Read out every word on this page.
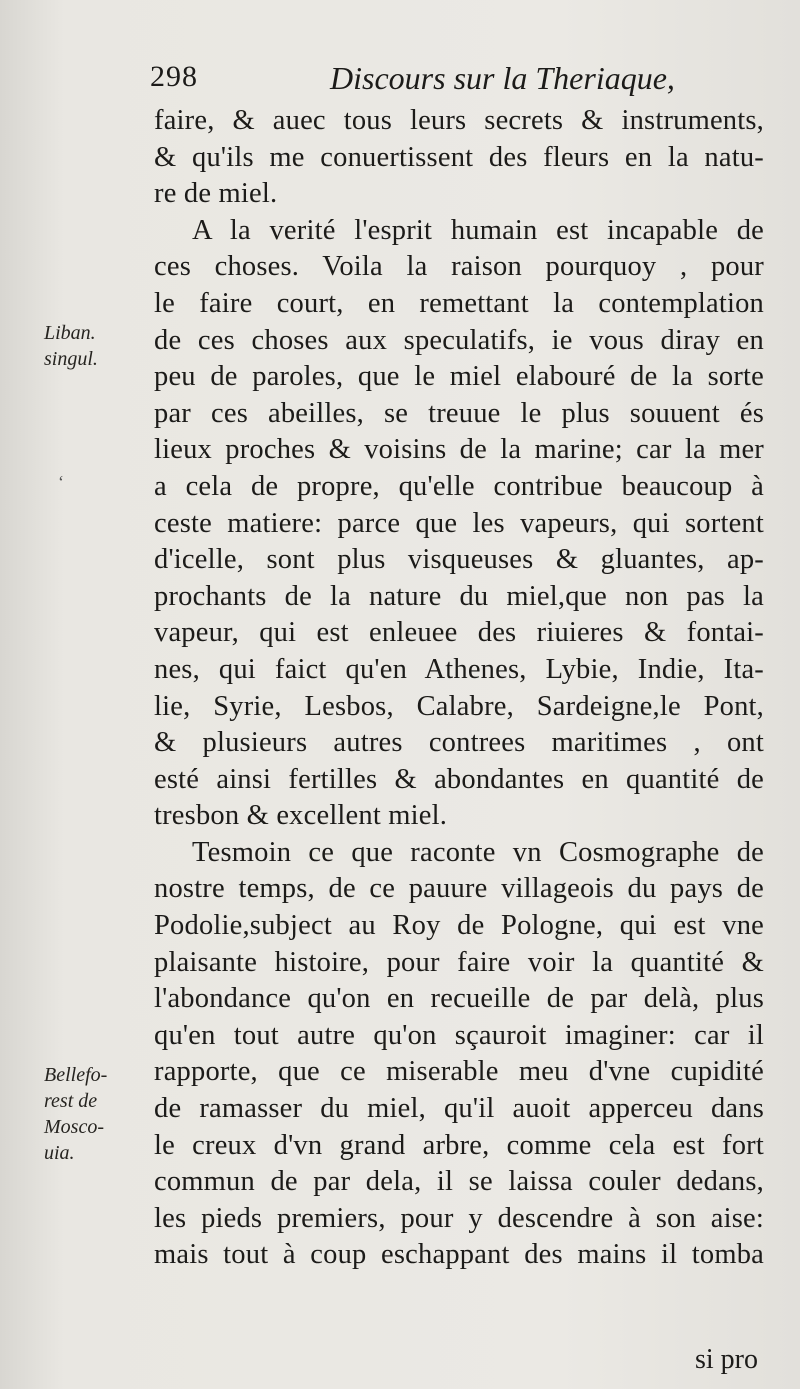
298	Discours sur la Theriaque,
Liban.
singul.
ʻ
Bellefo-
rest de
Mosco-
uia.
faire, & auec tous leurs secrets & instruments,
& qu'ils me conuertissent des fleurs en la natu-
re de miel.
A la verité l'esprit humain est incapable de
ces choses. Voila la raison pourquoy , pour
le faire court, en remettant la contemplation
de ces choses aux speculatifs, ie vous diray en
peu de paroles, que le miel elabouré de la sorte
par ces abeilles, se treuue le plus souuent és
lieux proches & voisins de la marine; car la mer
a cela de propre, qu'elle contribue beaucoup à
ceste matiere: parce que les vapeurs, qui sortent
d'icelle, sont plus visqueuses & gluantes, ap-
prochants de la nature du miel,que non pas la
vapeur, qui est enleuee des riuieres & fontai-
nes, qui faict qu'en Athenes, Lybie, Indie, Ita-
lie, Syrie, Lesbos, Calabre, Sardeigne,le Pont,
& plusieurs autres contrees maritimes , ont
esté ainsi fertilles & abondantes en quantité de
tresbon & excellent miel.
Tesmoin ce que raconte vn Cosmographe de
nostre temps, de ce pauure villageois du pays de
Podolie,subject au Roy de Pologne, qui est vne
plaisante histoire, pour faire voir la quantité &
l'abondance qu'on en recueille de par delà, plus
qu'en tout autre qu'on sçauroit imaginer: car il
rapporte, que ce miserable meu d'vne cupidité
de ramasser du miel, qu'il auoit apperceu dans
le creux d'vn grand arbre, comme cela est fort
commun de par dela, il se laissa couler dedans,
les pieds premiers, pour y descendre à son aise:
mais tout à coup eschappant des mains il tomba
si pro
